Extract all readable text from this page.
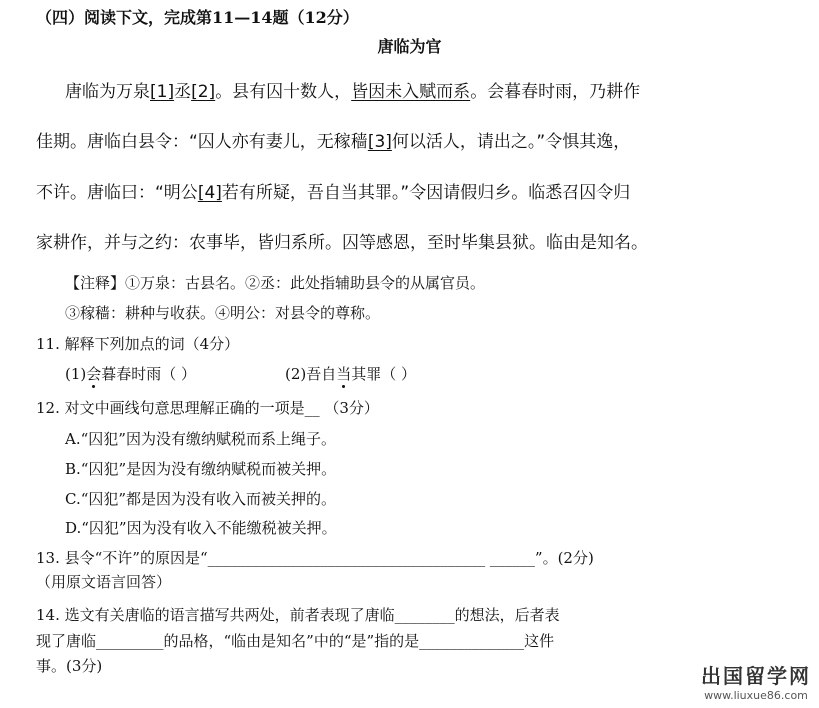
（四）阅读下文，完成第11—14题（12分）
唐临为官
唐临为万泉[1]丞[2]。县有囚十数人，皆因未入赋而系。会暮春时雨，乃耕作
佳期。唐临白县令：“囚人亦有妻儿，无稼穑[3]何以活人，请出之。”令惧其逸，
不许。唐临曰：“明公[4]若有所疑，吾自当其罪。”令因请假归乡。临悉召囚令归
家耕作，并与之约：农事毕，皆归系所。囚等感恩，至时毕集县狱。临由是知名。
【注释】①万泉：古县名。②丞：此处指辅助县令的从属官员。
③稼穑：耕种与收获。④明公：对县令的尊称。
11. 解释下列加点的词（4分）
(1)会暮春时雨（ ）	(2)吾自当其罪（ ）
12. 对文中画线句意思理解正确的一项是__ （3分）
A.“囚犯”因为没有缴纳赋税而系上绳子。
B.“囚犯”是因为没有缴纳赋税而被关押。
C.“囚犯”都是因为没有收入而被关押的。
D.“囚犯”因为没有收入不能缴税被关押。
13. 县令“不许”的原因是“_____________________________________ ______”。(2分)
（用原文语言回答）
14. 选文有关唐临的语言描写共两处，前者表现了唐临________的想法，后者表
现了唐临_________的品格，“临由是知名”中的“是”指的是______________这件
事。(3分)	出国留学网
www.liuxue86.com
